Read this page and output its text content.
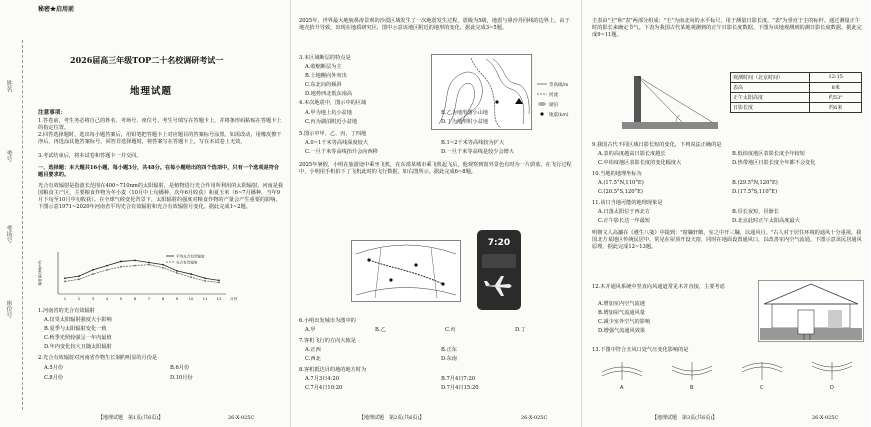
秘密★启用前
姓名
考号
考场号
座位号
2026届高三年级TOP二十名校调研考试一
地理试题
注意事项：
1.答卷前，考生务必将自己的姓名、考场号、座位号、考生号填写在答题卡上，并将条形码粘贴在答题卡上的指定位置。
2.回答选择题时，选出每小题答案后，用铅笔把答题卡上对应题目的答案标号涂黑。如需改动，用橡皮擦干净后，再选涂其他答案标号。回答非选择题时，将答案写在答题卡上，写在本试卷上无效。
3.考试结束后，将本试卷和答题卡一并交回。
一、选择题：本大题共16小题，每小题3分，共48分。在每小题给出的四个选项中，只有一个选项是符合题目要求的。
光合有效辐射是指波长范围在400~710nm的太阳辐射，是植物进行光合作用所利用的太阳辐射。河南是我国粮食主产区，主要粮食作物为冬小麦（10月中上旬播种，次年6月收获）和夏玉米（6~7月播种，当年9月下旬至10月中旬收获）。在全球气候变化背景下，太阳辐射的强度对粮食作物的产量会产生重要的影响。下图示意1971~2020年河南省平均光合有效辐射和光合有效辐射月变化。据此完成1~2题。
辐射量/(MJ/m²)
1	2	3	4	5	6	7	8	9	10 11 12 月份
平均光合有效辐射
光合有效辐射
1.河南省的光合有效辐射
A.仅受太阳辐射强度大小影响
B.夏季与太阳辐射变化一致
C.秋季光照较强呈一年内最值
D.年内变化较大且随太阳辐射
2.光合有效辐射对河南省作物生长制约明显的月份是
A.5月份	B.6月份
C.8月份	D.10月份
【地理试题　第1页(共6页)】	26-X-025C
2025年，世界最大地貌鼻涛景观的沙漠区域发生了一次地震发生过程，震级为5级，地震与鼻沙丹同线的边界上，由于地壳抬升导致，出现在地质研究区，图中示意该地区附近的地形的变化。据此完成3~5题。
3.本区域断层的特点是
A.收缩断层为主
B.上地幔向外突出
C.东北向的倾斜
D.地势西北低东南高
等高线/m
河流
湖泊
地震(km)
4.本次地震中，图示中的区域
A.甲为地上坑小盆地	B.乙为地形图小山地
C.丙为湖泊附近小盆地	D.丁为地形附小盆地
5.图示中甲、乙、丙、丁四地
A.0~1千米等高线深度较大	B.1~2千米等高线较为扩大
C.一旦千米等高线抬升会向西移	D.一旦千米等高线是较少会增大
2025年暑假，小明在旅游途中乘坐飞机，在东部某城市乘飞机起飞后，他观察到窗外景色有时为一片蔚蓝。在飞行过程中，小明用手机拍下了飞机此时的飞行数据，如右图所示。据此完成6~8题。
7:20
6.小明出发城市为图中的
A.甲	B.乙	C.丙	D.丁
7.客机飞行的方向大致是
A.正西	B.正东
C.西北	D.东南
8.客机抵达目的地的地方时为
A.7月3日4:20	B.7月4日7:20
C.7月4日10:20	D.7月4日15:20
【地理试题　第2页(共6页)】	26-X-025C
圭表由"圭"和"表"两部分组成："圭"为南北向的水平标尺，用于测量日影长度，"表"为垂直于圭的标杆。通过测量正午时的影长来确定节气。下表为我国古代某地观测到的正午日影长度数据。下图为该地观测到的测日影长度数据。据此完成9~11题。
观测时间（北京时间）	12:15
表高	8米
正午太阳高度	约53°
日影长度	约6米
9.我国古代不同区域日影长短的变化，下列说法正确的是
A.表的高度越高日影长度越长	B.低纬度地区表影长度全年较短
C.中纬度地区表影长度的变化幅度大	D.热带地区日影长度全年都不会变化
10.当地的地理坐标为
A.(17.5°N,110°E)	B.(29.5°N,120°E)
C.(20.5°S,120°E)	D.(17.5°S,110°E)
11.该日当地可能的地理现象是
A.日落太阳位于西北方	B.昼长夜短，昼渐长
C.正午影长达一年最短	D.北京此时正午太阳高度最大
明朝文人高濂在《遵生八笺》中提到："窗牖轩敞，室之中开三牖，以通风月。"古人对于居住环境的通风十分重视。我国北方某地区传统民居中，常见在屋顶开设天窗，同时在地面设置通风口，以改善室内空气流通。下图示意该民居通风原理。据此完成12~13题。
12.木并通风系统中竖直向风通道常见木并直接，主要考虑
A.增加室内空气流速
B.增加屋气流通风量
C.减少室外空气的影响
D.增强气流通风效果
13.下图中符合丑风口处气压变化影响的是
A	B	C	D
【地理试题　第3页(共6页)】	26-X-025C
